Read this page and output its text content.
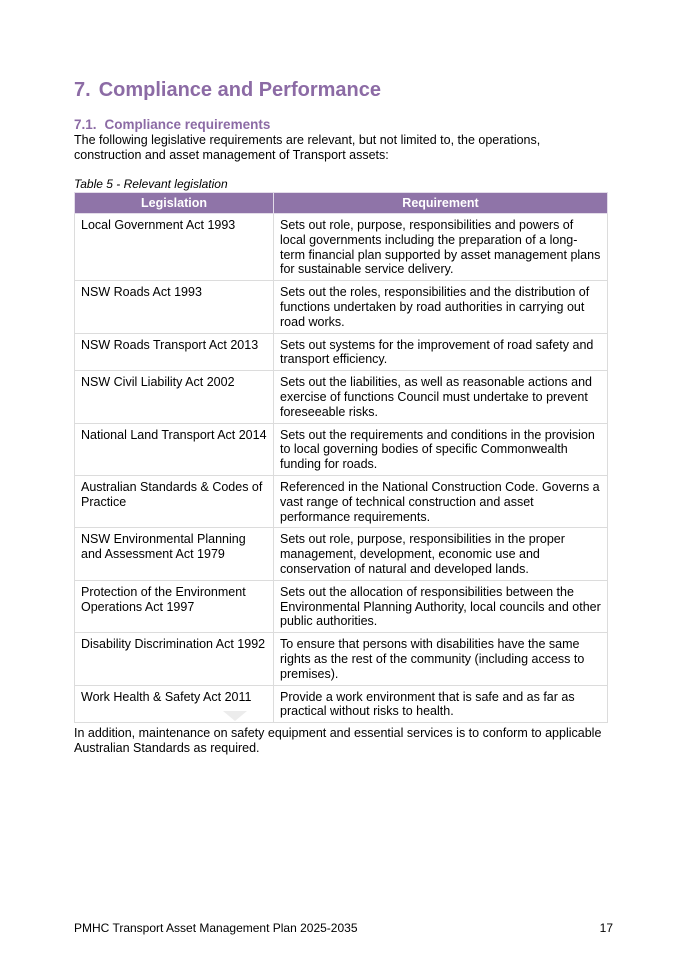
7. Compliance and Performance
7.1. Compliance requirements

The following legislative requirements are relevant, but not limited to, the operations, construction and asset management of Transport assets:

Table 5 - Relevant legislation

Legislation	Requirement
Local Government Act 1993	Sets out role, purpose, responsibilities and powers of local governments including the preparation of a long-term financial plan supported by asset management plans for sustainable service delivery.
NSW Roads Act 1993	Sets out the roles, responsibilities and the distribution of functions undertaken by road authorities in carrying out road works.
NSW Roads Transport Act 2013	Sets out systems for the improvement of road safety and transport efficiency.
NSW Civil Liability Act 2002	Sets out the liabilities, as well as reasonable actions and exercise of functions Council must undertake to prevent foreseeable risks.
National Land Transport Act 2014	Sets out the requirements and conditions in the provision to local governing bodies of specific Commonwealth funding for roads.
Australian Standards & Codes of Practice	Referenced in the National Construction Code. Governs a vast range of technical construction and asset performance requirements.
NSW Environmental Planning and Assessment Act 1979	Sets out role, purpose, responsibilities in the proper management, development, economic use and conservation of natural and developed lands.
Protection of the Environment Operations Act 1997	Sets out the allocation of responsibilities between the Environmental Planning Authority, local councils and other public authorities.
Disability Discrimination Act 1992	To ensure that persons with disabilities have the same rights as the rest of the community (including access to premises).
Work Health & Safety Act 2011	Provide a work environment that is safe and as far as practical without risks to health.

In addition, maintenance on safety equipment and essential services is to conform to applicable Australian Standards as required.

PMHC Transport Asset Management Plan 2025-2035	17
